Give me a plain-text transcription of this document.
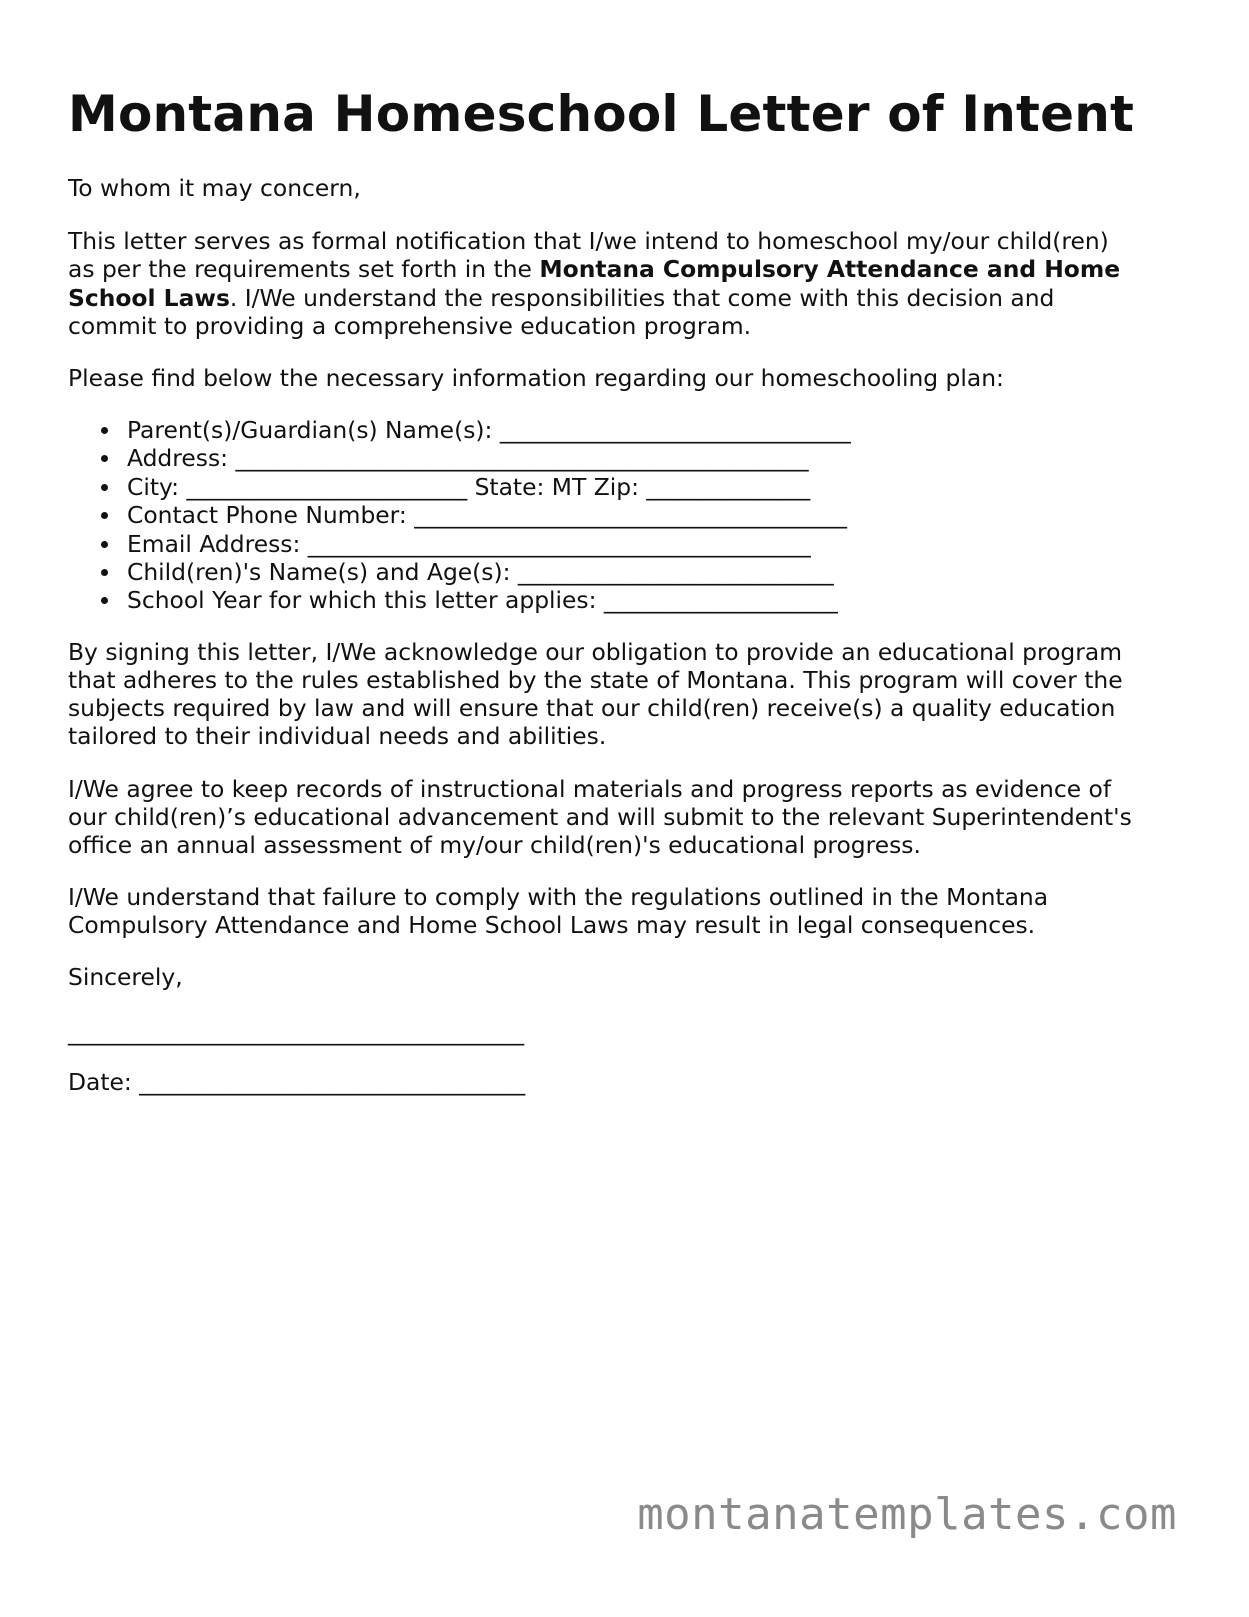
Montana Homeschool Letter of Intent

To whom it may concern,

This letter serves as formal notification that I/we intend to homeschool my/our child(ren)

as per the requirements set forth in the Montana Compulsory Attendance and Home

School Laws. I/We understand the responsibilities that come with this decision and

commit to providing a comprehensive education program.

Please find below the necessary information regarding our homeschooling plan:

Parent(s)/Guardian(s) Name(s): ______________________________
Address: _________________________________________________
City: ________________________ State: MT Zip: ______________
Contact Phone Number: _____________________________________
Email Address: ___________________________________________
Child(ren)'s Name(s) and Age(s): ___________________________
School Year for which this letter applies: ____________________

By signing this letter, I/We acknowledge our obligation to provide an educational program

that adheres to the rules established by the state of Montana. This program will cover the

subjects required by law and will ensure that our child(ren) receive(s) a quality education

tailored to their individual needs and abilities.

I/We agree to keep records of instructional materials and progress reports as evidence of

our child(ren)’s educational advancement and will submit to the relevant Superintendent's

office an annual assessment of my/our child(ren)'s educational progress.

I/We understand that failure to comply with the regulations outlined in the Montana

Compulsory Attendance and Home School Laws may result in legal consequences.

Sincerely,

_______________________________________

Date: _________________________________

montanatemplates.com
